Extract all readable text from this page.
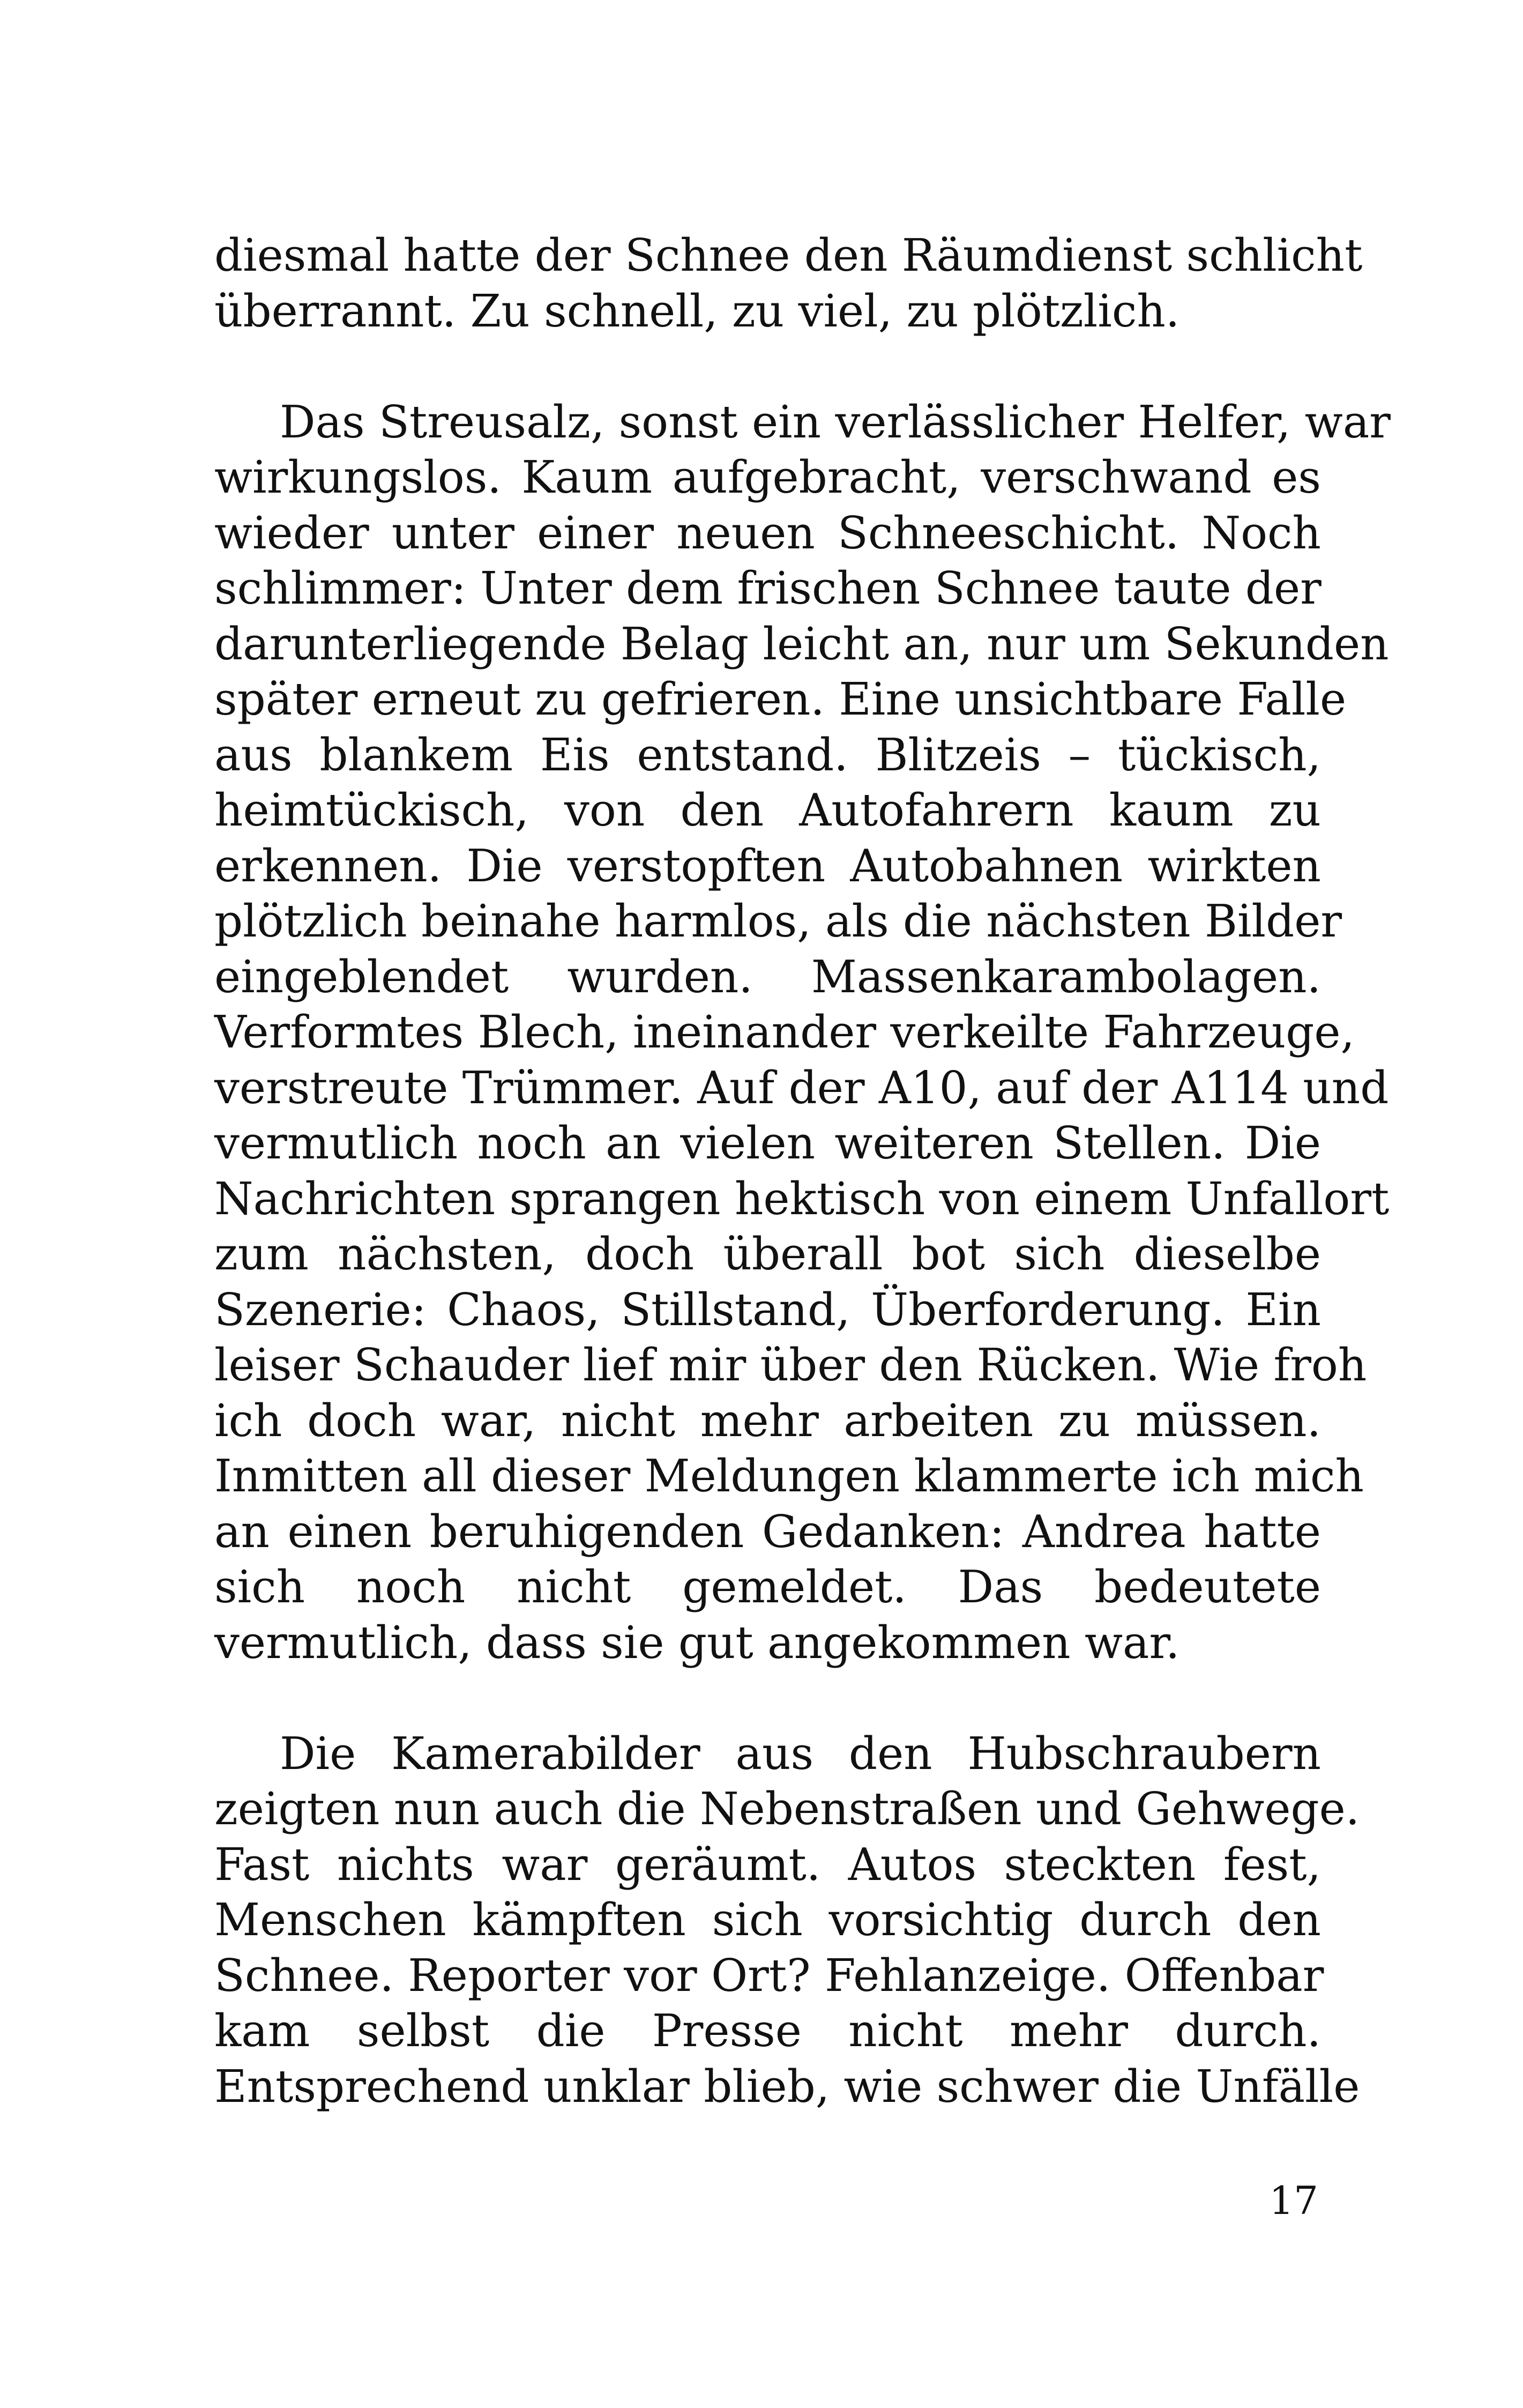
diesmal hatte der Schnee den Räumdienst schlicht
überrannt. Zu schnell, zu viel, zu plötzlich.
Das Streusalz, sonst ein verlässlicher Helfer, war
wirkungslos. Kaum aufgebracht, verschwand es
wieder unter einer neuen Schneeschicht. Noch
schlimmer: Unter dem frischen Schnee taute der
darunterliegende Belag leicht an, nur um Sekunden
später erneut zu gefrieren. Eine unsichtbare Falle
aus blankem Eis entstand. Blitzeis – tückisch,
heimtückisch, von den Autofahrern kaum zu
erkennen. Die verstopften Autobahnen wirkten
plötzlich beinahe harmlos, als die nächsten Bilder
eingeblendet wurden. Massenkarambolagen.
Verformtes Blech, ineinander verkeilte Fahrzeuge,
verstreute Trümmer. Auf der A10, auf der A114 und
vermutlich noch an vielen weiteren Stellen. Die
Nachrichten sprangen hektisch von einem Unfallort
zum nächsten, doch überall bot sich dieselbe
Szenerie: Chaos, Stillstand, Überforderung. Ein
leiser Schauder lief mir über den Rücken. Wie froh
ich doch war, nicht mehr arbeiten zu müssen.
Inmitten all dieser Meldungen klammerte ich mich
an einen beruhigenden Gedanken: Andrea hatte
sich noch nicht gemeldet. Das bedeutete
vermutlich, dass sie gut angekommen war.
Die Kamerabilder aus den Hubschraubern
zeigten nun auch die Nebenstraßen und Gehwege.
Fast nichts war geräumt. Autos steckten fest,
Menschen kämpften sich vorsichtig durch den
Schnee. Reporter vor Ort? Fehlanzeige. Offenbar
kam selbst die Presse nicht mehr durch.
Entsprechend unklar blieb, wie schwer die Unfälle
17
